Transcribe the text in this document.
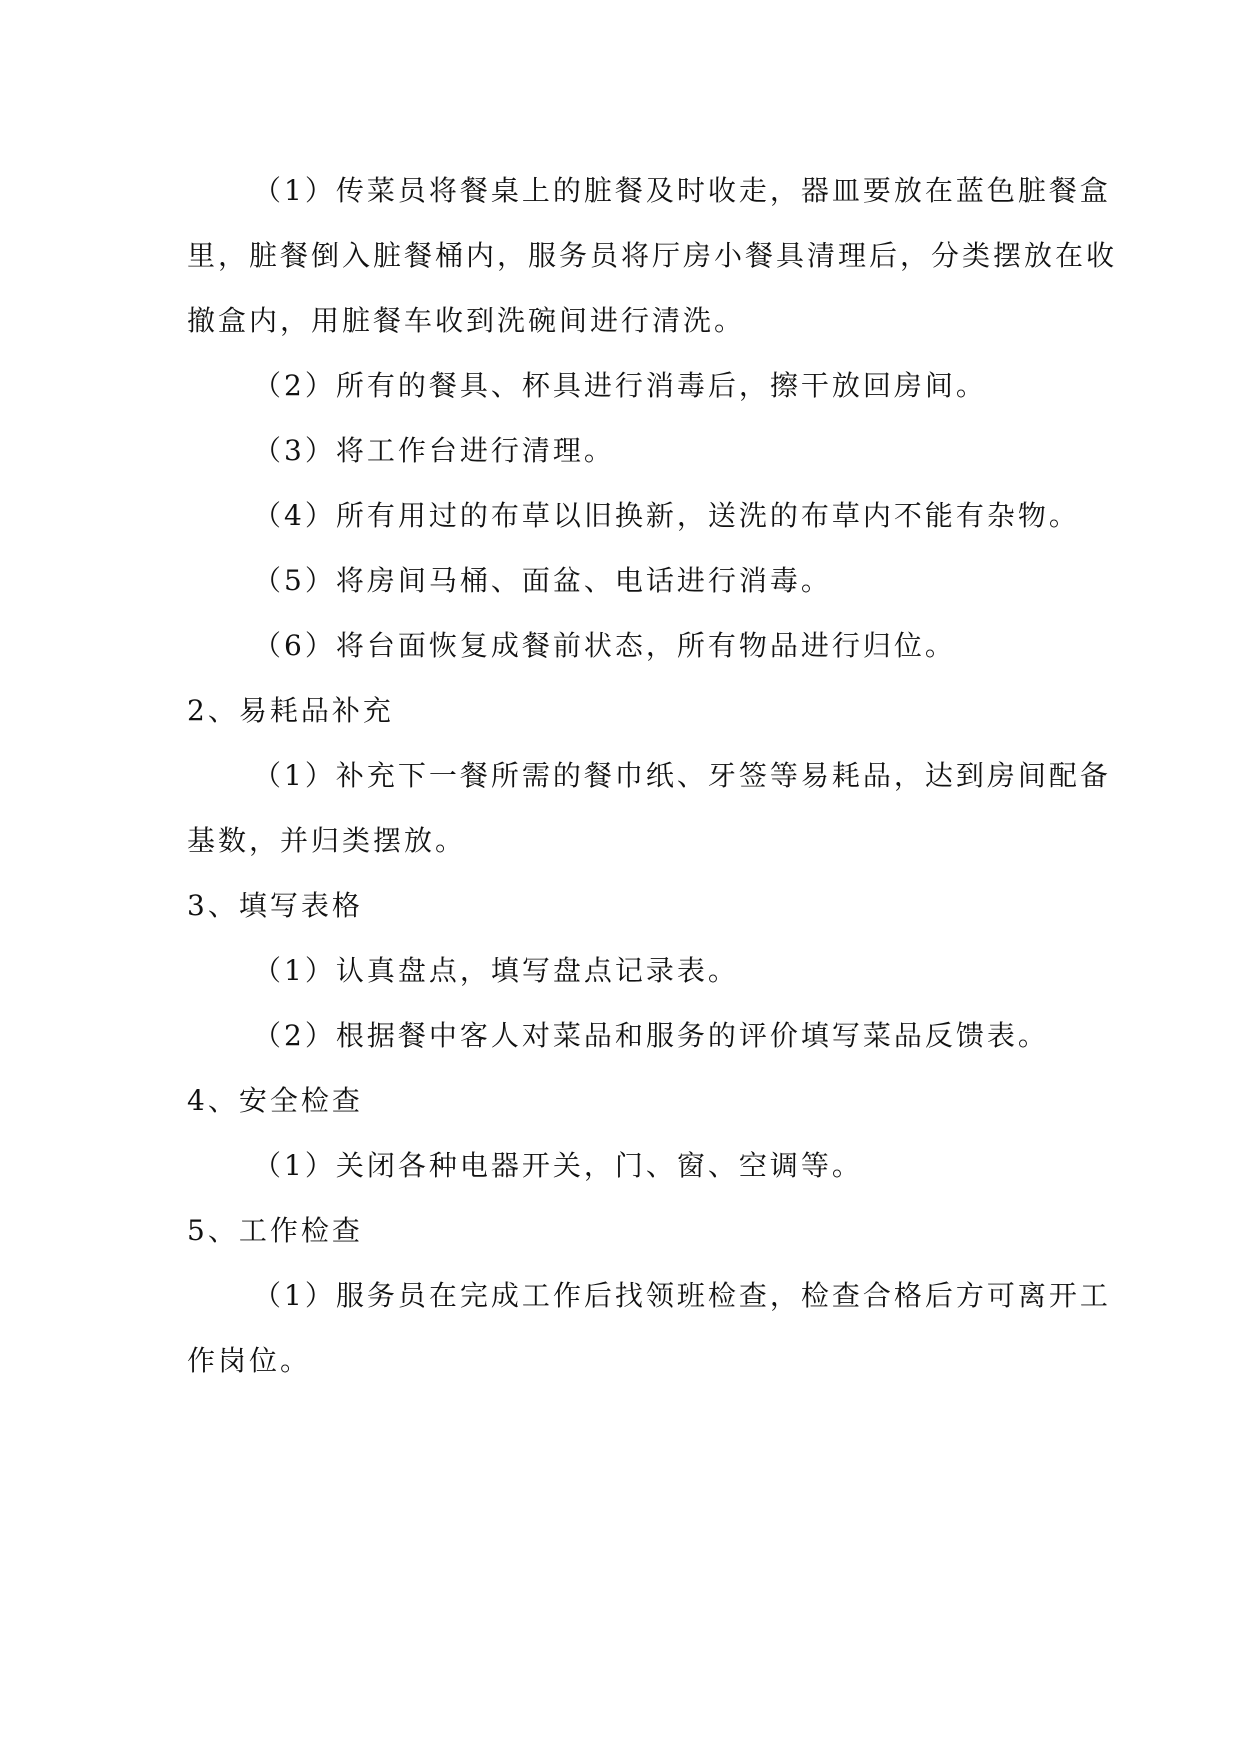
（1）传菜员将餐桌上的脏餐及时收走，器皿要放在蓝色脏餐盒
里，脏餐倒入脏餐桶内，服务员将厅房小餐具清理后，分类摆放在收
撤盒内，用脏餐车收到洗碗间进行清洗。
（2）所有的餐具、杯具进行消毒后，擦干放回房间。
（3）将工作台进行清理。
（4）所有用过的布草以旧换新，送洗的布草内不能有杂物。
（5）将房间马桶、面盆、电话进行消毒。
（6）将台面恢复成餐前状态，所有物品进行归位。
2、易耗品补充
（1）补充下一餐所需的餐巾纸、牙签等易耗品，达到房间配备
基数，并归类摆放。
3、填写表格
（1）认真盘点，填写盘点记录表。
（2）根据餐中客人对菜品和服务的评价填写菜品反馈表。
4、安全检查
（1）关闭各种电器开关，门、窗、空调等。
5、工作检查
（1）服务员在完成工作后找领班检查，检查合格后方可离开工
作岗位。
